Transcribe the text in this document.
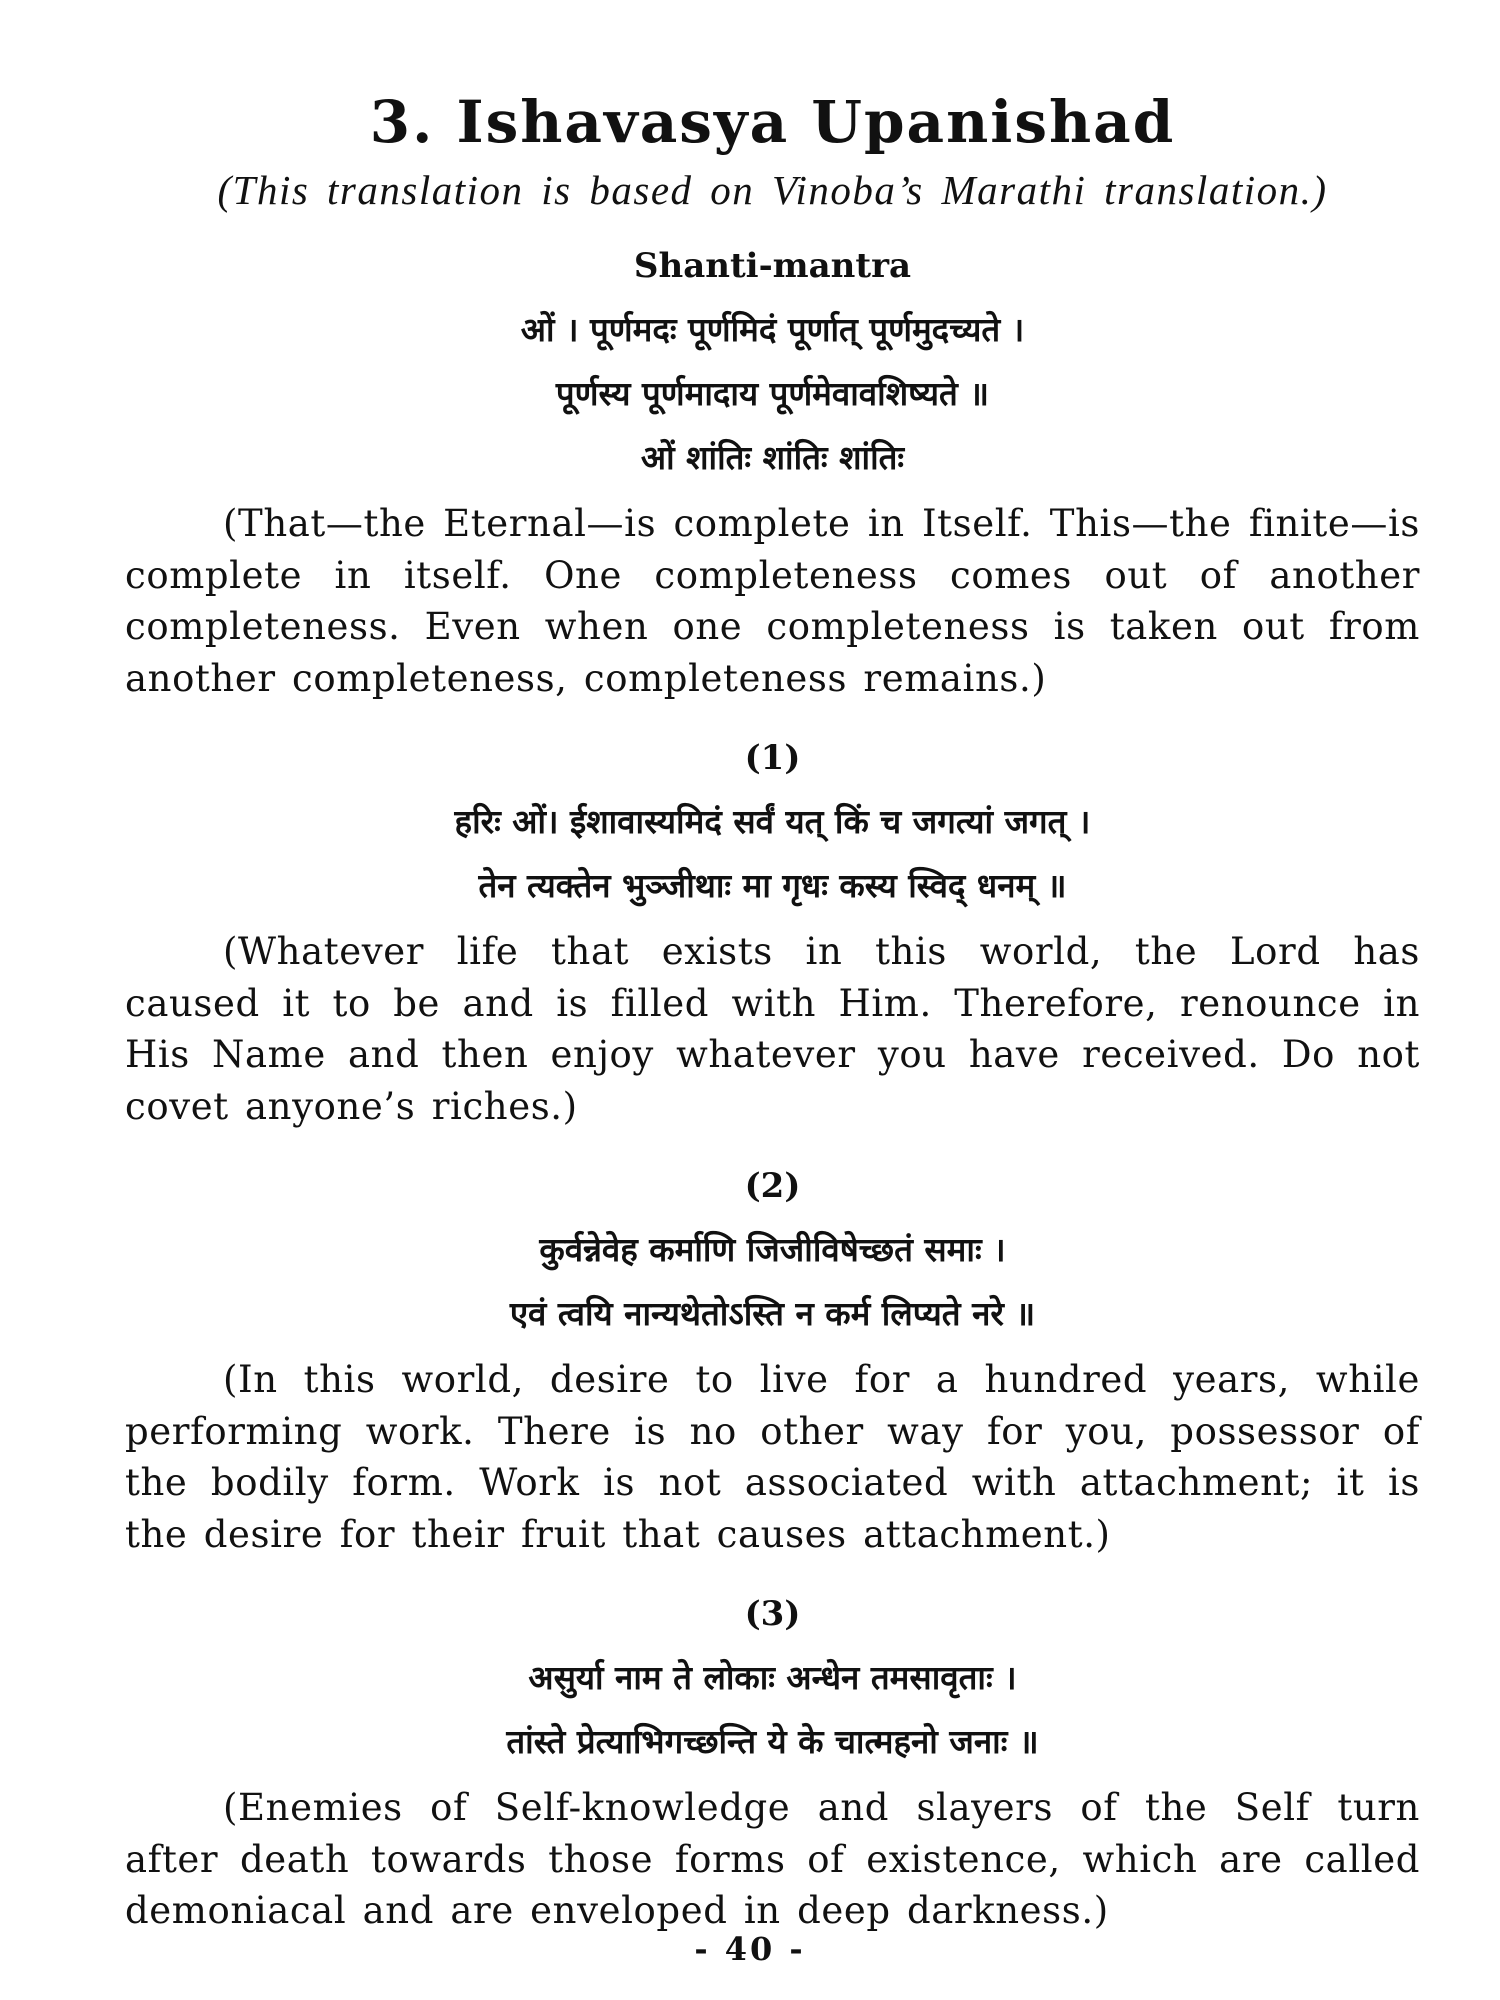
3. Ishavasya Upanishad

(This translation is based on Vinoba’s Marathi translation.)

Shanti-mantra
ओं । पूर्णमदः पूर्णमिदं पूर्णात् पूर्णमुदच्यते ।
पूर्णस्य पूर्णमादाय पूर्णमेवावशिष्यते ॥
ओं शांतिः शांतिः शांतिः

(That—the Eternal—is complete in Itself. This—the finite—is complete in itself. One completeness comes out of another completeness. Even when one completeness is taken out from another completeness, completeness remains.)

(1)
हरिः ओं। ईशावास्यमिदं सर्वं यत् किं च जगत्यां जगत् ।
तेन त्यक्तेन भुञ्जीथाः मा गृधः कस्य स्विद् धनम् ॥

(Whatever life that exists in this world, the Lord has caused it to be and is filled with Him. Therefore, renounce in His Name and then enjoy whatever you have received. Do not covet anyone’s riches.)

(2)
कुर्वन्नेवेह कर्माणि जिजीविषेच्छतं समाः ।
एवं त्वयि नान्यथेतोऽस्ति न कर्म लिप्यते नरे ॥

(In this world, desire to live for a hundred years, while performing work. There is no other way for you, possessor of the bodily form. Work is not associated with attachment; it is the desire for their fruit that causes attachment.)

(3)
असुर्या नाम ते लोकाः अन्धेन तमसावृताः ।
तांस्ते प्रेत्याभिगच्छन्ति ये के चात्महनो जनाः ॥

(Enemies of Self-knowledge and slayers of the Self turn after death towards those forms of existence, which are called demoniacal and are enveloped in deep darkness.)

- 40 -
